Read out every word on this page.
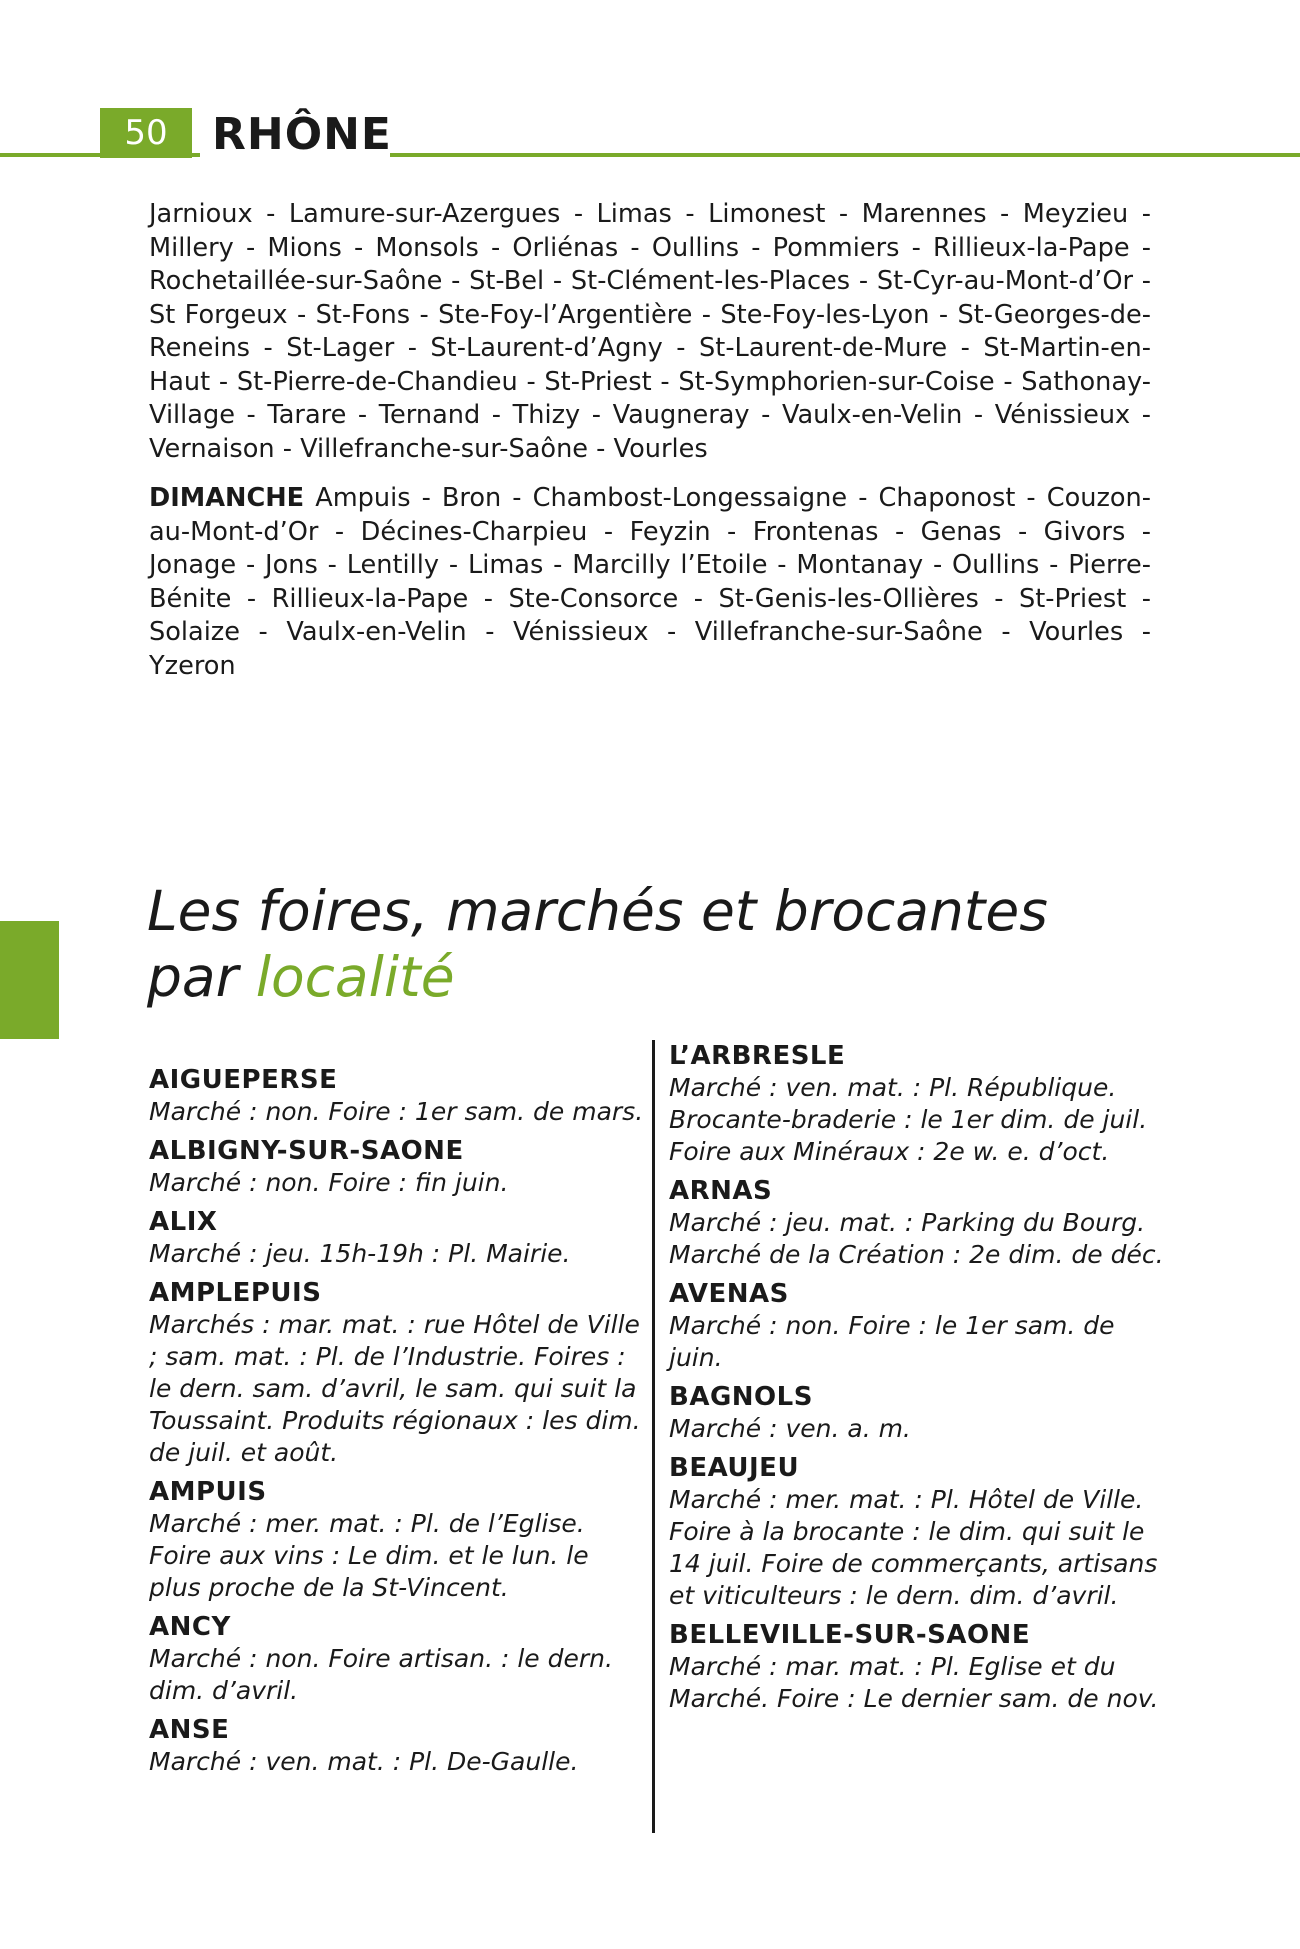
50	RHÔNE

Jarnioux - Lamure-sur-Azergues - Limas - Limonest - Marennes - Meyzieu - Millery - Mions - Monsols - Orliénas - Oullins - Pommiers - Rillieux-la-Pape - Rochetaillée-sur-Saône - St-Bel - St-Clément-les-Places - St-Cyr-au-Mont-d’Or - St Forgeux - St-Fons - Ste-Foy-l’Argentière - Ste-Foy-les-Lyon - St-Georges-de-Reneins - St-Lager - St-Laurent-d’Agny - St-Laurent-de-Mure - St-Martin-en-Haut - St-Pierre-de-Chandieu - St-Priest - St-Symphorien-sur-Coise - Sathonay-Village - Tarare - Ternand - Thizy - Vaugneray - Vaulx-en-Velin - Vénissieux - Vernaison - Villefranche-sur-Saône - Vourles

DIMANCHE Ampuis - Bron - Chambost-Longessaigne - Chaponost - Couzon-au-Mont-d’Or - Décines-Charpieu - Feyzin - Frontenas - Genas - Givors - Jonage - Jons - Lentilly - Limas - Marcilly l’Etoile - Montanay - Oullins - Pierre-Bénite - Rillieux-la-Pape - Ste-Consorce - St-Genis-les-Ollières - St-Priest - Solaize - Vaulx-en-Velin - Vénissieux - Villefranche-sur-Saône - Vourles - Yzeron

Les foires, marchés et brocantes
par localité
AIGUEPERSE
Marché : non. Foire : 1er sam. de mars.
ALBIGNY-SUR-SAONE
Marché : non. Foire : fin juin.
ALIX
Marché : jeu. 15h-19h : Pl. Mairie.
AMPLEPUIS
Marchés : mar. mat. : rue Hôtel de Ville ; sam. mat. : Pl. de l’Industrie. Foires : le dern. sam. d’avril, le sam. qui suit la Toussaint. Produits régionaux : les dim. de juil. et août.
AMPUIS
Marché : mer. mat. : Pl. de l’Eglise. Foire aux vins : Le dim. et le lun. le plus proche de la St-Vincent.
ANCY
Marché : non. Foire artisan. : le dern. dim. d’avril.
ANSE
Marché : ven. mat. : Pl. De-Gaulle.
L’ARBRESLE
Marché : ven. mat. : Pl. République. Brocante-braderie : le 1er dim. de juil. Foire aux Minéraux : 2e w. e. d’oct.
ARNAS
Marché : jeu. mat. : Parking du Bourg. Marché de la Création : 2e dim. de déc.
AVENAS
Marché : non. Foire : le 1er sam. de juin.
BAGNOLS
Marché : ven. a. m.
BEAUJEU
Marché : mer. mat. : Pl. Hôtel de Ville. Foire à la brocante : le dim. qui suit le 14 juil. Foire de commerçants, artisans et viticulteurs : le dern. dim. d’avril.
BELLEVILLE-SUR-SAONE
Marché : mar. mat. : Pl. Eglise et du Marché. Foire : Le dernier sam. de nov.
